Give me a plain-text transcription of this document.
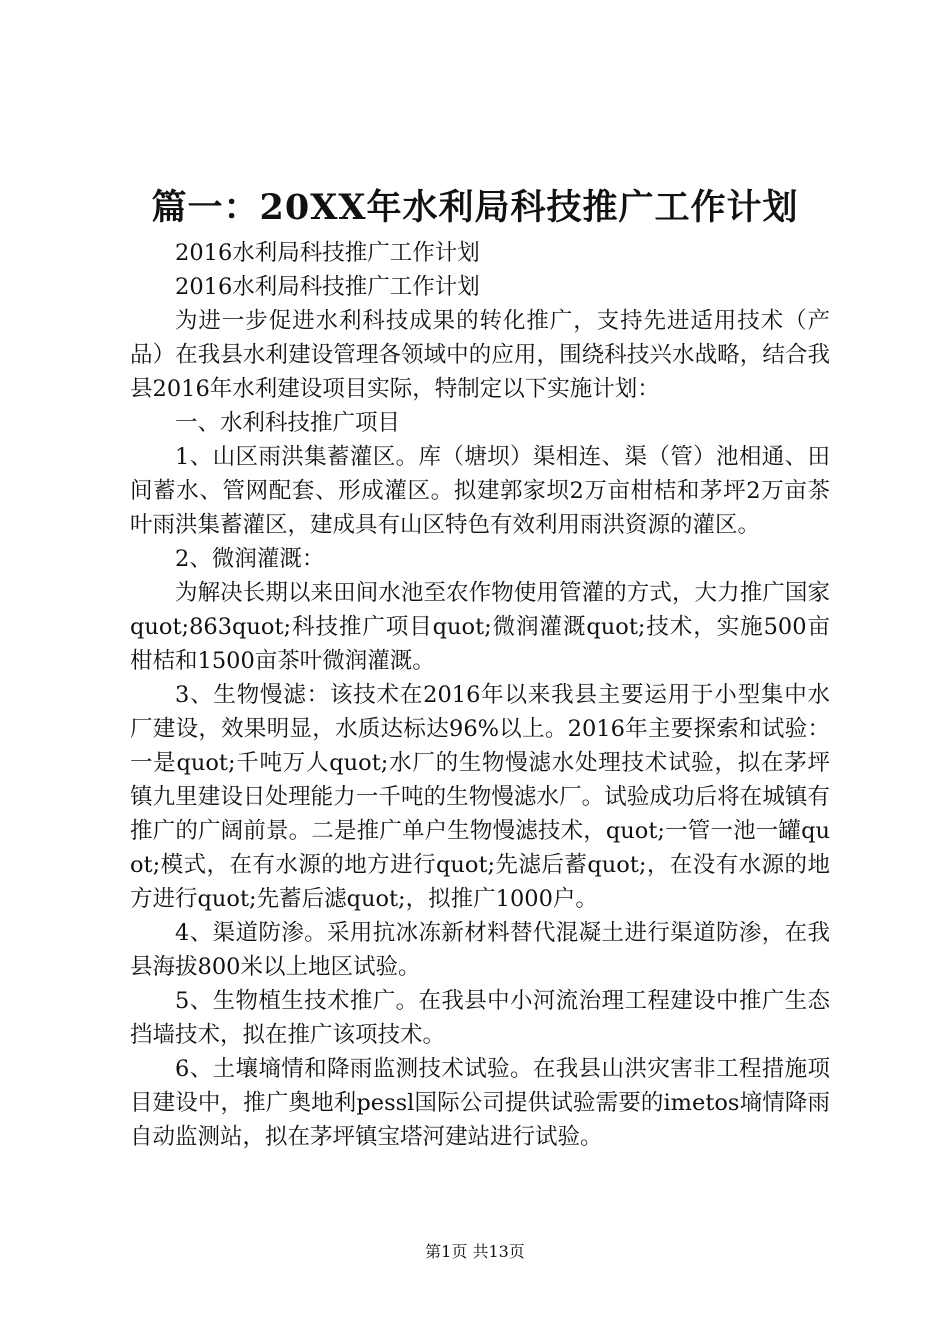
篇一：20XX年水利局科技推广工作计划

2016水利局科技推广工作计划

2016水利局科技推广工作计划

为进一步促进水利科技成果的转化推广，支持先进适用技术（产品）在我县水利建设管理各领域中的应用，围绕科技兴水战略，结合我县2016年水利建设项目实际，特制定以下实施计划：

一、水利科技推广项目

1、山区雨洪集蓄灌区。库（塘坝）渠相连、渠（管）池相通、田间蓄水、管网配套、形成灌区。拟建郭家坝2万亩柑桔和茅坪2万亩茶叶雨洪集蓄灌区，建成具有山区特色有效利用雨洪资源的灌区。

2、微润灌溉：

为解决长期以来田间水池至农作物使用管灌的方式，大力推广国家quot;863quot;科技推广项目quot;微润灌溉quot;技术，实施500亩柑桔和1500亩茶叶微润灌溉。

3、生物慢滤：该技术在2016年以来我县主要运用于小型集中水厂建设，效果明显，水质达标达96%以上。2016年主要探索和试验：一是quot;千吨万人quot;水厂的生物慢滤水处理技术试验，拟在茅坪镇九里建设日处理能力一千吨的生物慢滤水厂。试验成功后将在城镇有推广的广阔前景。二是推广单户生物慢滤技术，quot;一管一池一罐quot;模式，在有水源的地方进行quot;先滤后蓄quot;，在没有水源的地方进行quot;先蓄后滤quot;，拟推广1000户。

4、渠道防渗。采用抗冰冻新材料替代混凝土进行渠道防渗，在我县海拔800米以上地区试验。

5、生物植生技术推广。在我县中小河流治理工程建设中推广生态挡墙技术，拟在推广该项技术。

6、土壤墒情和降雨监测技术试验。在我县山洪灾害非工程措施项目建设中，推广奥地利pessl国际公司提供试验需要的imetos墒情降雨自动监测站，拟在茅坪镇宝塔河建站进行试验。

第1页 共13页
